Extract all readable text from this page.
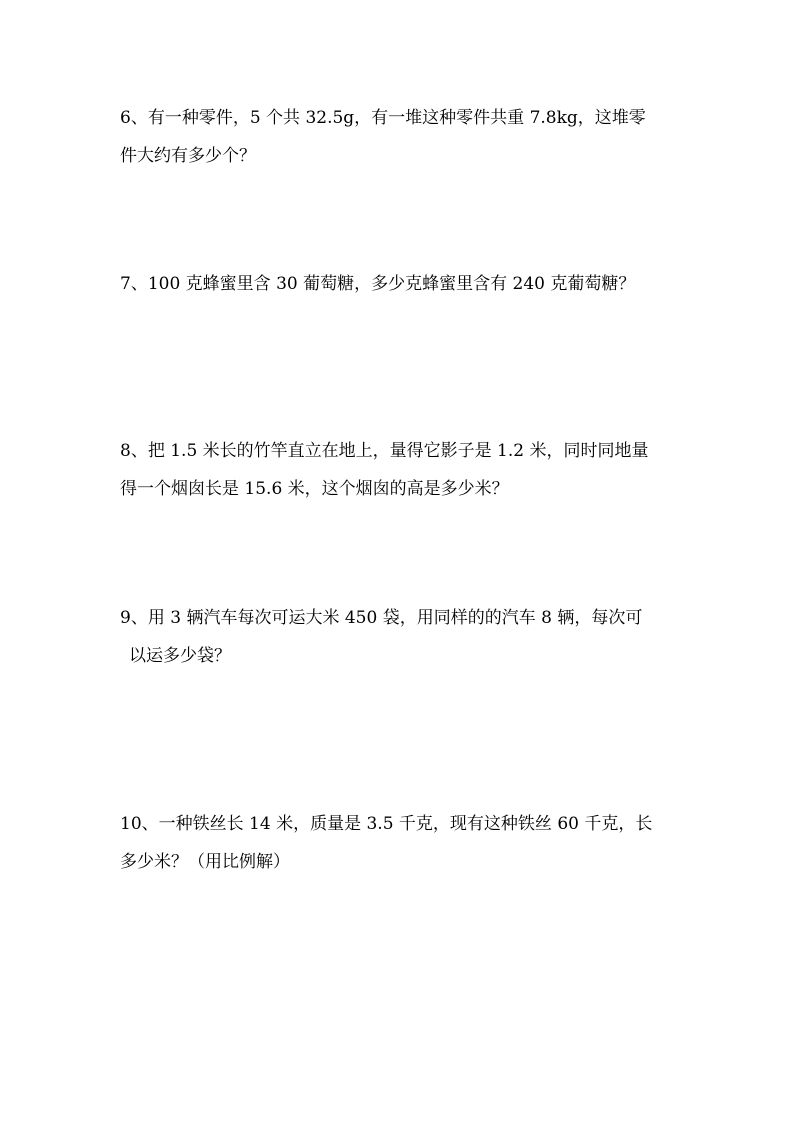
6、有一种零件，5 个共 32.5g，有一堆这种零件共重 7.8kg，这堆零
件大约有多少个？
7、100 克蜂蜜里含 30 葡萄糖，多少克蜂蜜里含有 240 克葡萄糖？
8、把 1.5 米长的竹竿直立在地上，量得它影子是 1.2 米，同时同地量
得一个烟囱长是 15.6 米，这个烟囱的高是多少米？
9、用 3 辆汽车每次可运大米 450 袋，用同样的的汽车 8 辆，每次可
以运多少袋？
10、一种铁丝长 14 米，质量是 3.5 千克，现有这种铁丝 60 千克，长
多少米？（用比例解）
